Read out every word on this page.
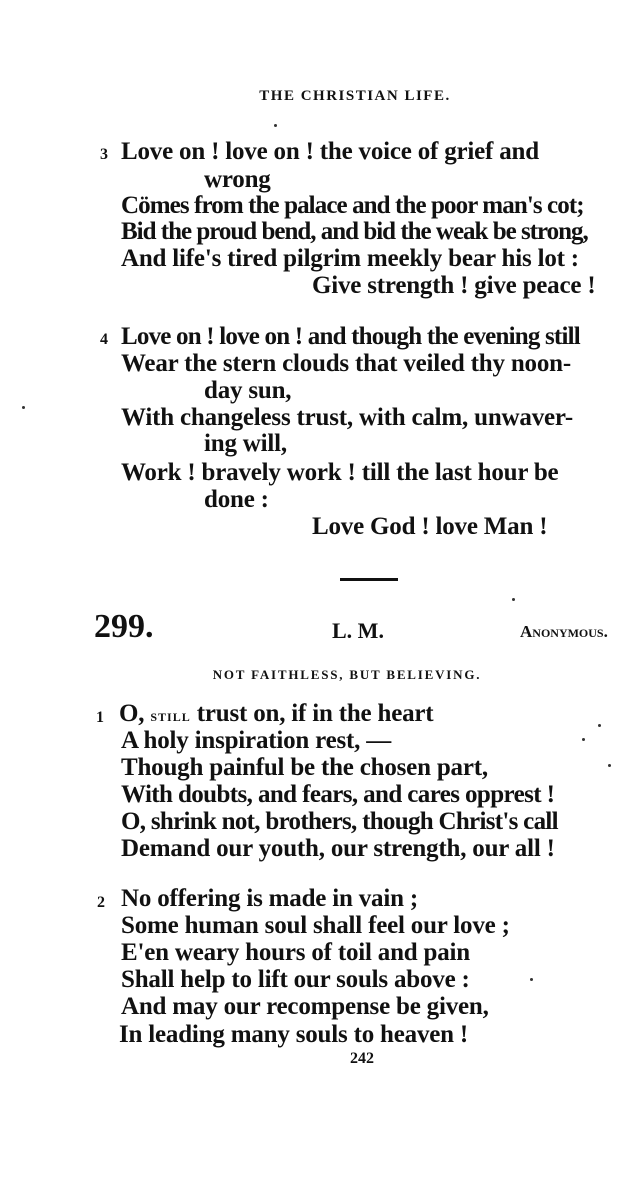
THE CHRISTIAN LIFE.
3 Love on ! love on ! the voice of grief and
wrong
Cömes from the palace and the poor man's cot;
Bid the proud bend, and bid the weak be strong,
And life's tired pilgrim meekly bear his lot :
Give strength ! give peace !
4 Love on ! love on ! and though the evening still
Wear the stern clouds that veiled thy noon-
day sun,
With changeless trust, with calm, unwaver-
ing will,
Work ! bravely work ! till the last hour be
done :
Love God ! love Man !
299.	L. M.	Anonymous.
NOT FAITHLESS, BUT BELIEVING.
1 O, still trust on, if in the heart
A holy inspiration rest, —
Though painful be the chosen part,
With doubts, and fears, and cares opprest !
O, shrink not, brothers, though Christ's call
Demand our youth, our strength, our all !
2 No offering is made in vain ;
Some human soul shall feel our love ;
E'en weary hours of toil and pain
Shall help to lift our souls above :
And may our recompense be given,
In leading many souls to heaven !
242
